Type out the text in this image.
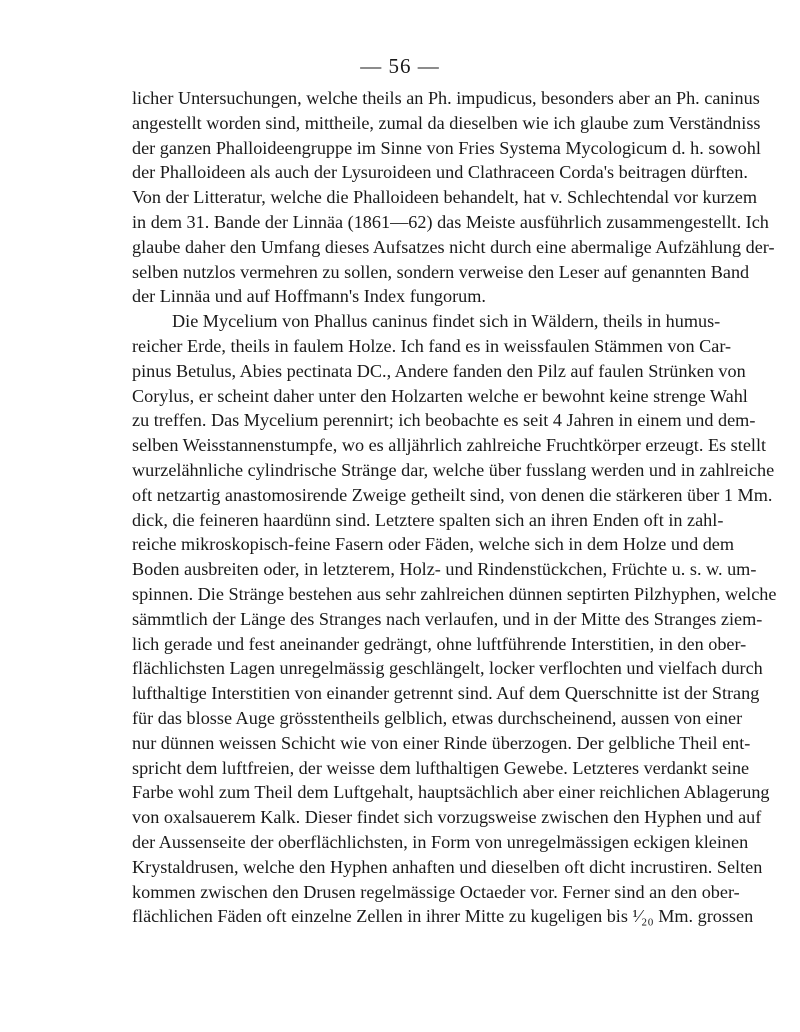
— 56 —
licher Untersuchungen, welche theils an Ph. impudicus, besonders aber an Ph. caninus
angestellt worden sind, mittheile, zumal da dieselben wie ich glaube zum Verständniss
der ganzen Phalloideengruppe im Sinne von Fries Systema Mycologicum d. h. sowohl
der Phalloideen als auch der Lysuroideen und Clathraceen Corda's beitragen dürften.
Von der Litteratur, welche die Phalloideen behandelt, hat v. Schlechtendal vor kurzem
in dem 31. Bande der Linnäa (1861—62) das Meiste ausführlich zusammengestellt. Ich
glaube daher den Umfang dieses Aufsatzes nicht durch eine abermalige Aufzählung der-
selben nutzlos vermehren zu sollen, sondern verweise den Leser auf genannten Band
der Linnäa und auf Hoffmann's Index fungorum.
Die Mycelium von Phallus caninus findet sich in Wäldern, theils in humus-
reicher Erde, theils in faulem Holze. Ich fand es in weissfaulen Stämmen von Car-
pinus Betulus, Abies pectinata DC., Andere fanden den Pilz auf faulen Strünken von
Corylus, er scheint daher unter den Holzarten welche er bewohnt keine strenge Wahl
zu treffen. Das Mycelium perennirt; ich beobachte es seit 4 Jahren in einem und dem-
selben Weisstannenstumpfe, wo es alljährlich zahlreiche Fruchtkörper erzeugt. Es stellt
wurzelähnliche cylindrische Stränge dar, welche über fusslang werden und in zahlreiche
oft netzartig anastomosirende Zweige getheilt sind, von denen die stärkeren über 1 Mm.
dick, die feineren haardünn sind. Letztere spalten sich an ihren Enden oft in zahl-
reiche mikroskopisch-feine Fasern oder Fäden, welche sich in dem Holze und dem
Boden ausbreiten oder, in letzterem, Holz- und Rindenstückchen, Früchte u. s. w. um-
spinnen. Die Stränge bestehen aus sehr zahlreichen dünnen septirten Pilzhyphen, welche
sämmtlich der Länge des Stranges nach verlaufen, und in der Mitte des Stranges ziem-
lich gerade und fest aneinander gedrängt, ohne luftführende Interstitien, in den ober-
flächlichsten Lagen unregelmässig geschlängelt, locker verflochten und vielfach durch
lufthaltige Interstitien von einander getrennt sind. Auf dem Querschnitte ist der Strang
für das blosse Auge grösstentheils gelblich, etwas durchscheinend, aussen von einer
nur dünnen weissen Schicht wie von einer Rinde überzogen. Der gelbliche Theil ent-
spricht dem luftfreien, der weisse dem lufthaltigen Gewebe. Letzteres verdankt seine
Farbe wohl zum Theil dem Luftgehalt, hauptsächlich aber einer reichlichen Ablagerung
von oxalsauerem Kalk. Dieser findet sich vorzugsweise zwischen den Hyphen und auf
der Aussenseite der oberflächlichsten, in Form von unregelmässigen eckigen kleinen
Krystaldrusen, welche den Hyphen anhaften und dieselben oft dicht incrustiren. Selten
kommen zwischen den Drusen regelmässige Octaeder vor. Ferner sind an den ober-
flächlichen Fäden oft einzelne Zellen in ihrer Mitte zu kugeligen bis ¹⁄₂₀ Mm. grossen
